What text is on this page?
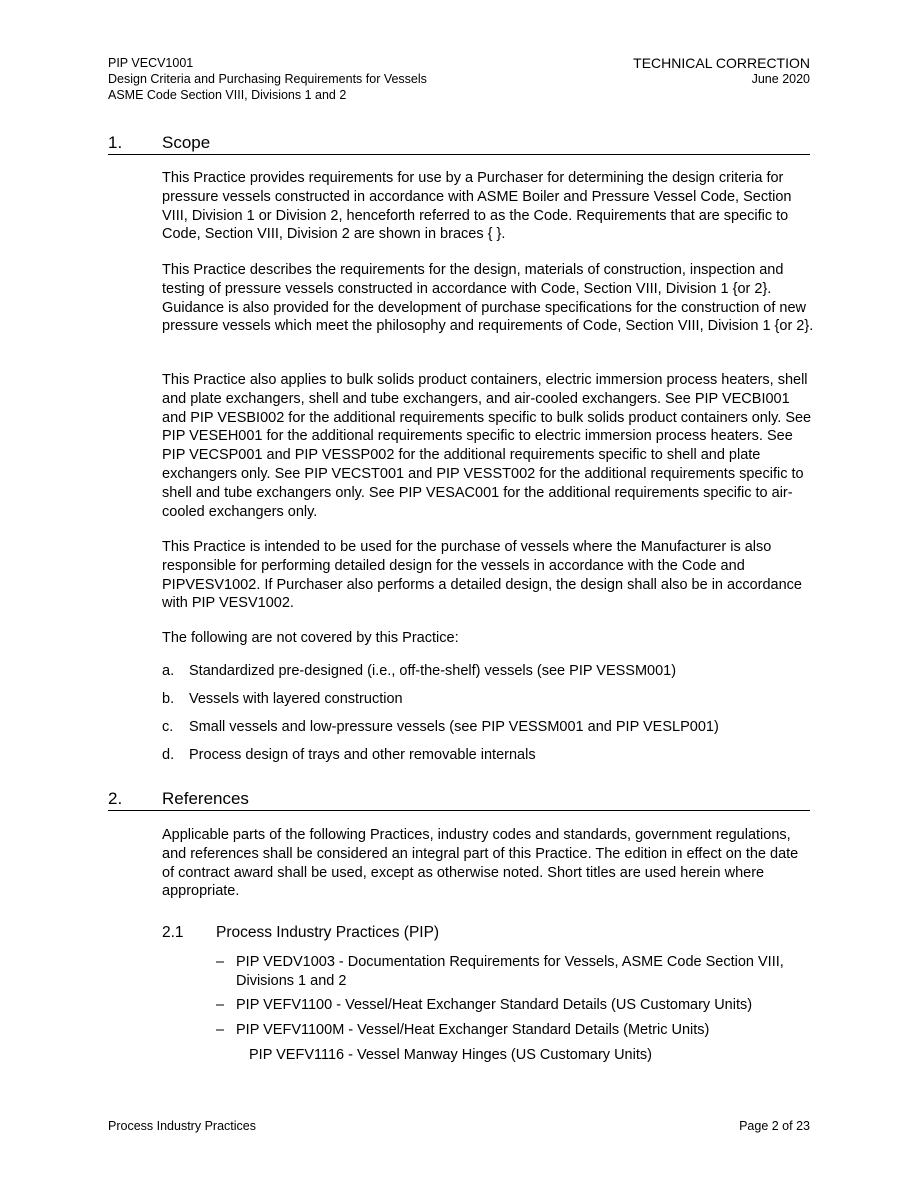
PIP VECV1001
Design Criteria and Purchasing Requirements for Vessels
ASME Code Section VIII, Divisions 1 and 2
TECHNICAL CORRECTION
June 2020
1. Scope

This Practice provides requirements for use by a Purchaser for determining the design criteria for pressure vessels constructed in accordance with ASME Boiler and Pressure Vessel Code, Section VIII, Division 1 or Division 2, henceforth referred to as the Code. Requirements that are specific to Code, Section VIII, Division 2 are shown in braces { }.

This Practice describes the requirements for the design, materials of construction, inspection and testing of pressure vessels constructed in accordance with Code, Section VIII, Division 1 {or 2}. Guidance is also provided for the development of purchase specifications for the construction of new pressure vessels which meet the philosophy and requirements of Code, Section VIII, Division 1 {or 2}.

This Practice also applies to bulk solids product containers, electric immersion process heaters, shell and plate exchangers, shell and tube exchangers, and air-cooled exchangers. See PIP VECBI001 and PIP VESBI002 for the additional requirements specific to bulk solids product containers only. See PIP VESEH001 for the additional requirements specific to electric immersion process heaters. See PIP VECSP001 and PIP VESSP002 for the additional requirements specific to shell and plate exchangers only. See PIP VECST001 and PIP VESST002 for the additional requirements specific to shell and tube exchangers only. See PIP VESAC001 for the additional requirements specific to air-cooled exchangers only.

This Practice is intended to be used for the purchase of vessels where the Manufacturer is also responsible for performing detailed design for the vessels in accordance with the Code and PIPVESV1002. If Purchaser also performs a detailed design, the design shall also be in accordance with PIP VESV1002.

The following are not covered by this Practice:

a. Standardized pre-designed (i.e., off-the-shelf) vessels (see PIP VESSM001)
b. Vessels with layered construction
c. Small vessels and low-pressure vessels (see PIP VESSM001 and PIP VESLP001)
d. Process design of trays and other removable internals
2. References

Applicable parts of the following Practices, industry codes and standards, government regulations, and references shall be considered an integral part of this Practice. The edition in effect on the date of contract award shall be used, except as otherwise noted. Short titles are used herein where appropriate.

2.1 Process Industry Practices (PIP)
– PIP VEDV1003 - Documentation Requirements for Vessels, ASME Code Section VIII,
Divisions 1 and 2
– PIP VEFV1100 - Vessel/Heat Exchanger Standard Details (US Customary Units)
– PIP VEFV1100M - Vessel/Heat Exchanger Standard Details (Metric Units)
PIP VEFV1116 - Vessel Manway Hinges (US Customary Units)
Process Industry Practices	Page 2 of 23
